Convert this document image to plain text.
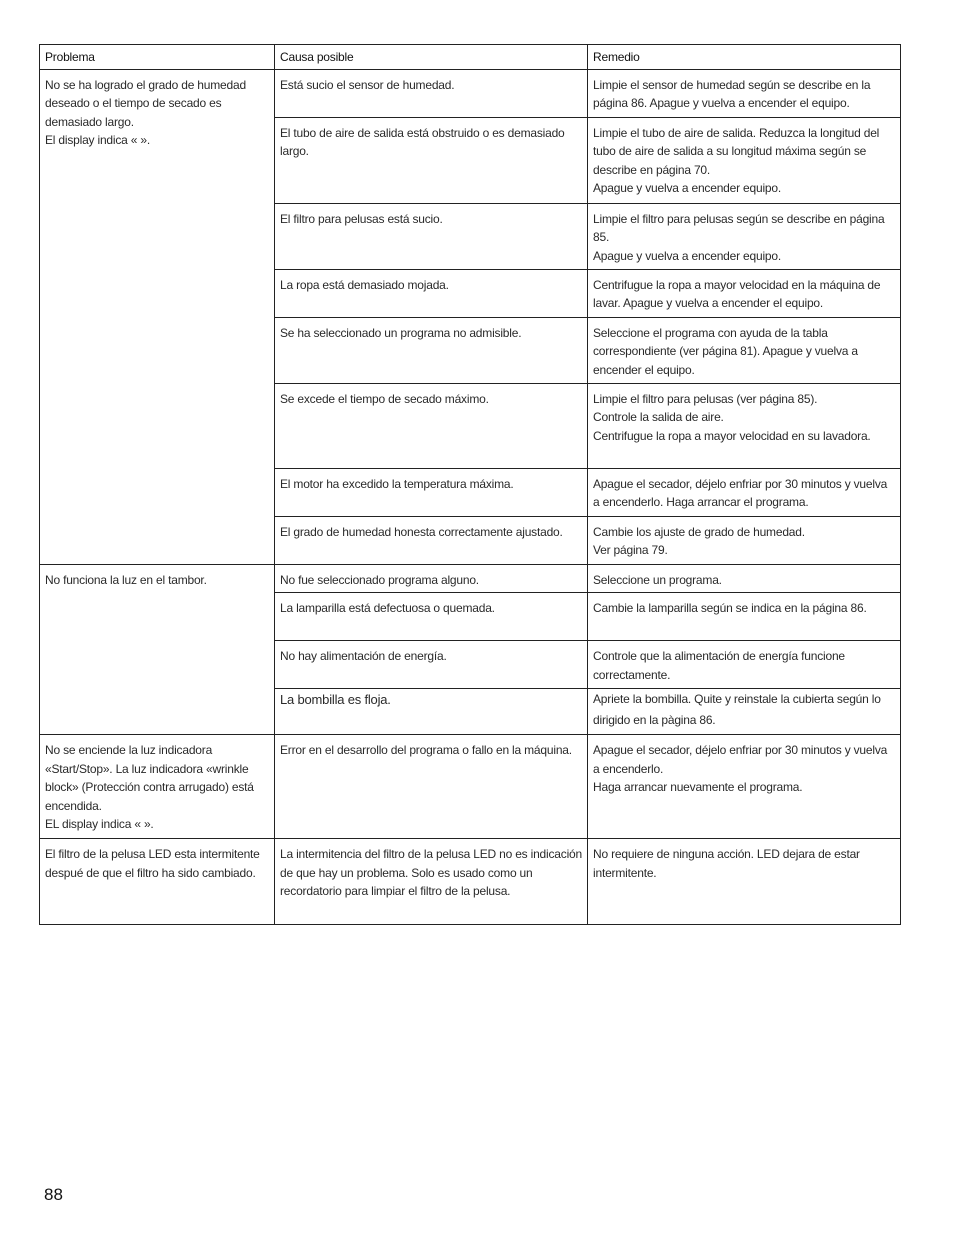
Problema	Causa posible	Remedio
No se ha logrado el grado de humedad deseado o el tiempo de secado es demasiado largo.
El display indica « ».	Está sucio el sensor de humedad.	Limpie el sensor de humedad según se describe en la página 86. Apague y vuelva a encender el equipo.
	El tubo de aire de salida está obstruido o es demasiado largo.	Limpie el tubo de aire de salida. Reduzca la longitud del tubo de aire de salida a su longitud máxima según se describe en página 70.
Apague y vuelva a encender equipo.
	El filtro para pelusas está sucio.	Limpie el filtro para pelusas según se describe en página 85.
Apague y vuelva a encender equipo.
	La ropa está demasiado mojada.	Centrifugue la ropa a mayor velocidad en la máquina de lavar. Apague y vuelva a encender el equipo.
	Se ha seleccionado un programa no admisible.	Seleccione el programa con ayuda de la tabla correspondiente (ver página 81). Apague y vuelva a encender el equipo.
	Se excede el tiempo de secado máximo.	Limpie el filtro para pelusas (ver página 85).
Controle la salida de aire.
Centrifugue la ropa a mayor velocidad en su lavadora.
	El motor ha excedido la temperatura máxima.	Apague el secador, déjelo enfriar por 30 minutos y vuelva a encenderlo. Haga arrancar el programa.
	El grado de humedad honesta correctamente ajustado.	Cambie los ajuste de grado de humedad.
Ver página 79.
No funciona la luz en el tambor.	No fue seleccionado programa alguno.	Seleccione un programa.
	La lamparilla está defectuosa o quemada.	Cambie la lamparilla según se indica en la página 86.
	No hay alimentación de energía.	Controle que la alimentación de energía funcione correctamente.
	La bombilla es floja.	Apriete la bombilla. Quite y reinstale la cubierta según lo dirigido en la pàgina 86.
No se enciende la luz indicadora «Start/Stop». La luz indicadora «wrinkle block» (Protección contra arrugado) está encendida.
EL display indica « ».	Error en el desarrollo del programa o fallo en la máquina.	Apague el secador, déjelo enfriar por 30 minutos y vuelva a encenderlo.
Haga arrancar nuevamente el programa.
El filtro de la pelusa LED esta intermitente despué de que el filtro ha sido cambiado.	La intermitencia del filtro de la pelusa LED no es indicación de que hay un problema. Solo es usado como un recordatorio para limpiar el filtro de la pelusa.	No requiere de ninguna acción. LED dejara de estar intermitente.
88
